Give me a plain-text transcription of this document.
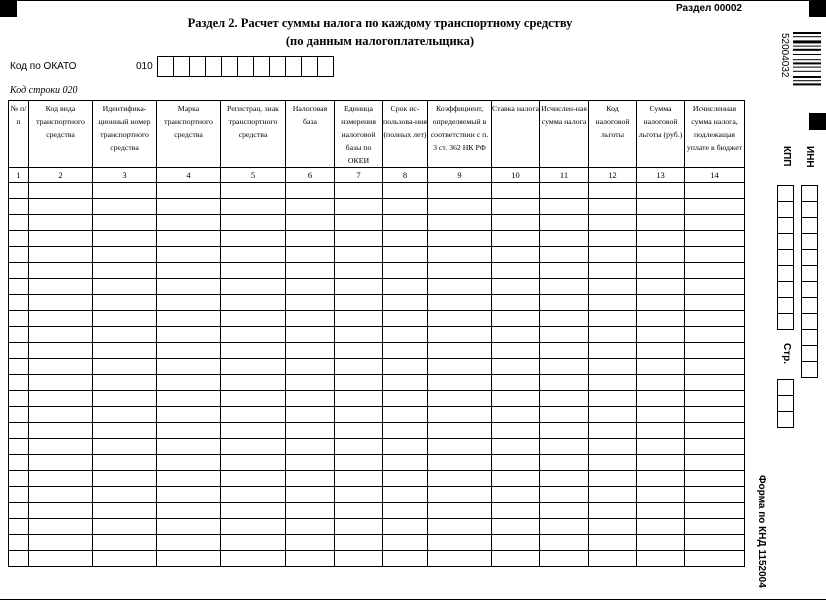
Раздел 00002
Раздел 2. Расчет суммы налога по каждому транспортному средству
(по данным налогоплательщика)
Код по ОКАТО	010
Код строки 020
№ п/п	Код вида транспортного средства	Идентифика-ционный номер транспортного средства	Марка транспортного средства	Регистрац. знак транспортного средства	Налоговая база	Единица измерения налоговой базы по ОКЕИ	Срок ис-пользова-ния (полных лет)	Коэффициент, определяемый в соответствии с п. 3 ст. 362 НК РФ	Ставка налога	Исчислен-ная сумма налога	Код налоговой льготы	Сумма налоговой льготы (руб.)	Исчисленная сумма налога, подлежащая уплате в бюджет
1	2	3	4	5	6	7	8	9	10	11	12	13	14

52004032
ИНН
КПП
Стр.
Форма по КНД 1152004
